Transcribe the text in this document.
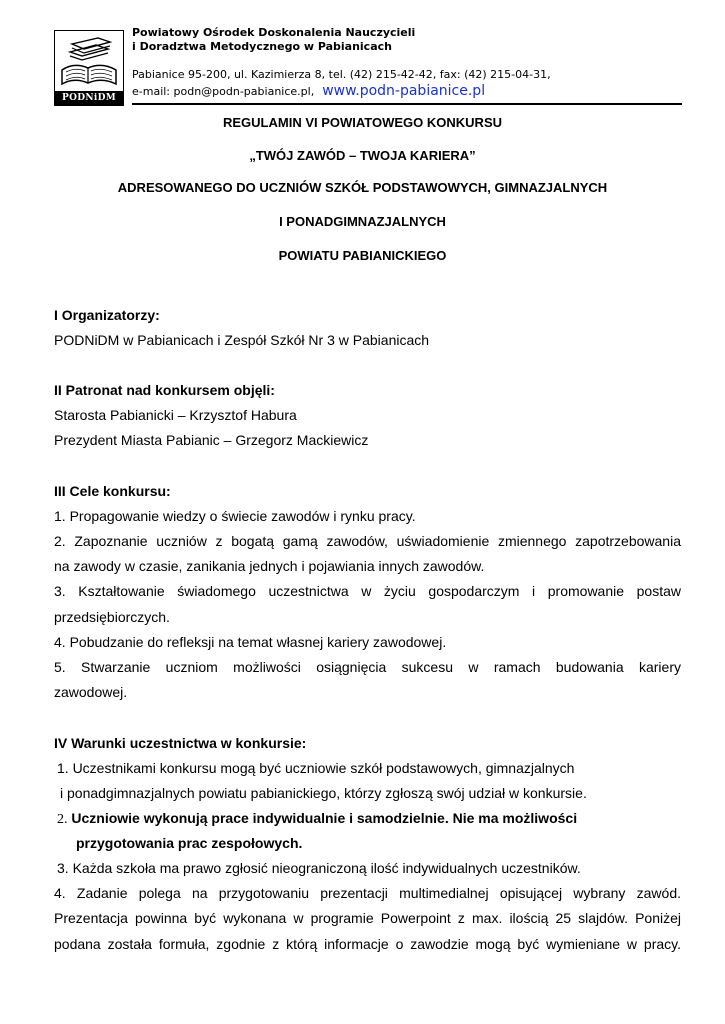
PODNiDM
Powiatowy Ośrodek Doskonalenia Nauczycieli
i Doradztwa Metodycznego w Pabianicach
Pabianice 95-200, ul. Kazimierza 8, tel. (42) 215-42-42, fax: (42) 215-04-31,
e-mail: podn@podn-pabianice.pl, www.podn-pabianice.pl
REGULAMIN VI POWIATOWEGO KONKURSU
„TWÓJ ZAWÓD – TWOJA KARIERA”
ADRESOWANEGO DO UCZNIÓW SZKÓŁ PODSTAWOWYCH, GIMNAZJALNYCH
I PONADGIMNAZJALNYCH
POWIATU PABIANICKIEGO
I Organizatorzy:
PODNiDM w Pabianicach i Zespół Szkół Nr 3 w Pabianicach
II Patronat nad konkursem objęli:
Starosta Pabianicki – Krzysztof Habura
Prezydent Miasta Pabianic – Grzegorz Mackiewicz
III Cele konkursu:
1. Propagowanie wiedzy o świecie zawodów i rynku pracy.
2. Zapoznanie uczniów z bogatą gamą zawodów, uświadomienie zmiennego zapotrzebowania
na zawody w czasie, zanikania jednych i pojawiania innych zawodów.
3. Kształtowanie świadomego uczestnictwa w życiu gospodarczym i promowanie postaw
przedsiębiorczych.
4. Pobudzanie do refleksji na temat własnej kariery zawodowej.
5. Stwarzanie uczniom możliwości osiągnięcia sukcesu w ramach budowania kariery
zawodowej.
IV Warunki uczestnictwa w konkursie:
1. Uczestnikami konkursu mogą być uczniowie szkół podstawowych, gimnazjalnych
i ponadgimnazjalnych powiatu pabianickiego, którzy zgłoszą swój udział w konkursie.
2. Uczniowie wykonują prace indywidualnie i samodzielnie. Nie ma możliwości
przygotowania prac zespołowych.
3. Każda szkoła ma prawo zgłosić nieograniczoną ilość indywidualnych uczestników.
4. Zadanie polega na przygotowaniu prezentacji multimedialnej opisującej wybrany zawód.
Prezentacja powinna być wykonana w programie Powerpoint z max. ilością 25 slajdów. Poniżej
podana została formuła, zgodnie z którą informacje o zawodzie mogą być wymieniane w pracy.
